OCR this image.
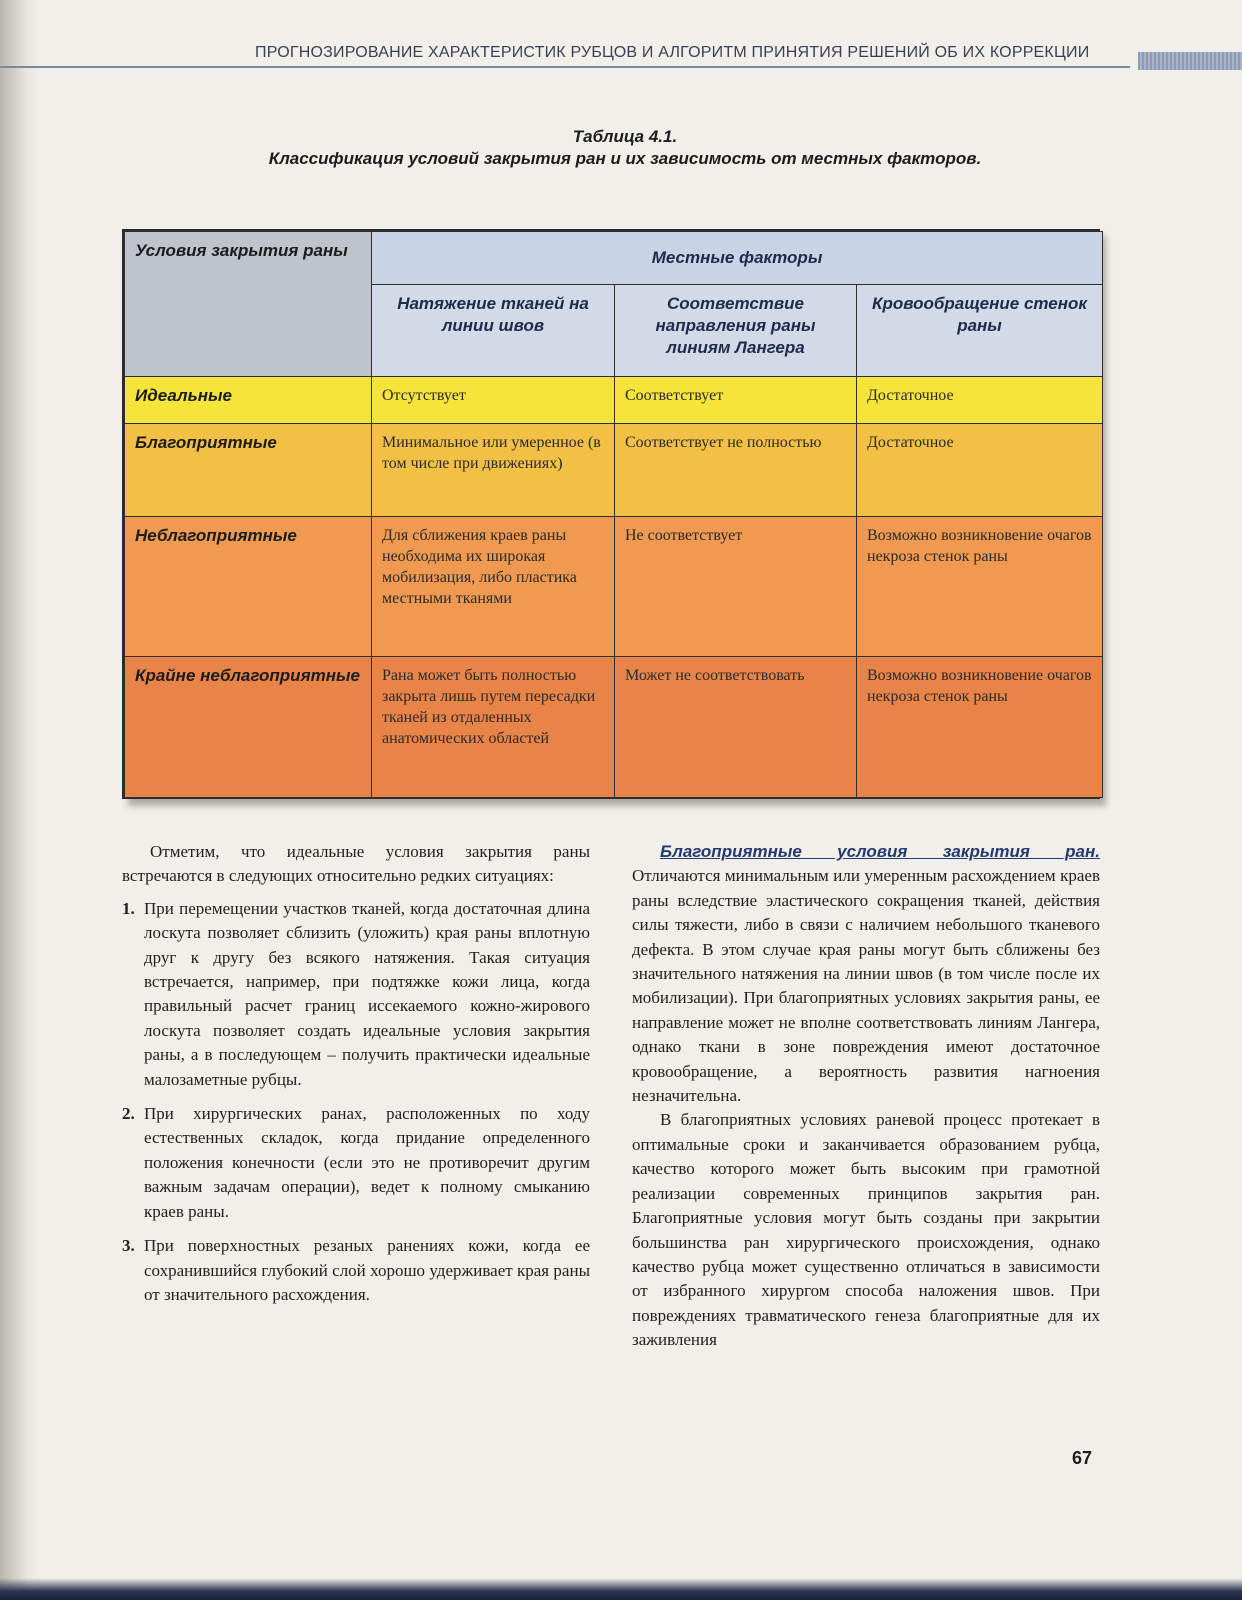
ПРОГНОЗИРОВАНИЕ ХАРАКТЕРИСТИК РУБЦОВ И АЛГОРИТМ ПРИНЯТИЯ РЕШЕНИЙ ОБ ИХ КОРРЕКЦИИ
Таблица 4.1.
Классификация условий закрытия ран и их зависимость от местных факторов.
Условия закрытия раны	Местные факторы		
	Натяжение тканей на линии швов	Соответствие направления раны линиям Лангера	Кровообращение стенок раны
Идеальные	Отсутствует	Соответствует	Достаточное
Благоприятные	Минимальное или умеренное (в том числе при движениях)	Соответствует не полностью	Достаточное
Неблагоприятные	Для сближения краев раны необходима их широкая мобилизация, либо пластика местными тканями	Не соответствует	Возможно возникновение очагов некроза стенок раны
Крайне неблагоприятные	Рана может быть полностью закрыта лишь путем пересадки тканей из отдаленных анатомических областей	Может не соответствовать	Возможно возникновение очагов некроза стенок раны

Отметим, что идеальные условия закрытия раны встречаются в следующих относительно редких ситуациях:

1. При перемещении участков тканей, когда достаточная длина лоскута позволяет сблизить (уложить) края раны вплотную друг к другу без всякого натяжения. Такая ситуация встречается, например, при подтяжке кожи лица, когда правильный расчет границ иссекаемого кожно-жирового лоскута позволяет создать идеальные условия закрытия раны, а в последующем – получить практически идеальные малозаметные рубцы.
2. При хирургических ранах, расположенных по ходу естественных складок, когда придание определенного положения конечности (если это не противоречит другим важным задачам операции), ведет к полному смыканию краев раны.
3. При поверхностных резаных ранениях кожи, когда ее сохранившийся глубокий слой хорошо удерживает края раны от значительного расхождения.

Благоприятные условия закрытия ран. Отличаются минимальным или умеренным расхождением краев раны вследствие эластического сокращения тканей, действия силы тяжести, либо в связи с наличием небольшого тканевого дефекта. В этом случае края раны могут быть сближены без значительного натяжения на линии швов (в том числе после их мобилизации). При благоприятных условиях закрытия раны, ее направление может не вполне соответствовать линиям Лангера, однако ткани в зоне повреждения имеют достаточное кровообращение, а вероятность развития нагноения незначительна.

В благоприятных условиях раневой процесс протекает в оптимальные сроки и заканчивается образованием рубца, качество которого может быть высоким при грамотной реализации современных принципов закрытия ран. Благоприятные условия могут быть созданы при закрытии большинства ран хирургического происхождения, однако качество рубца может существенно отличаться в зависимости от избранного хирургом способа наложения швов. При повреждениях травматического генеза благоприятные для их заживления

67
